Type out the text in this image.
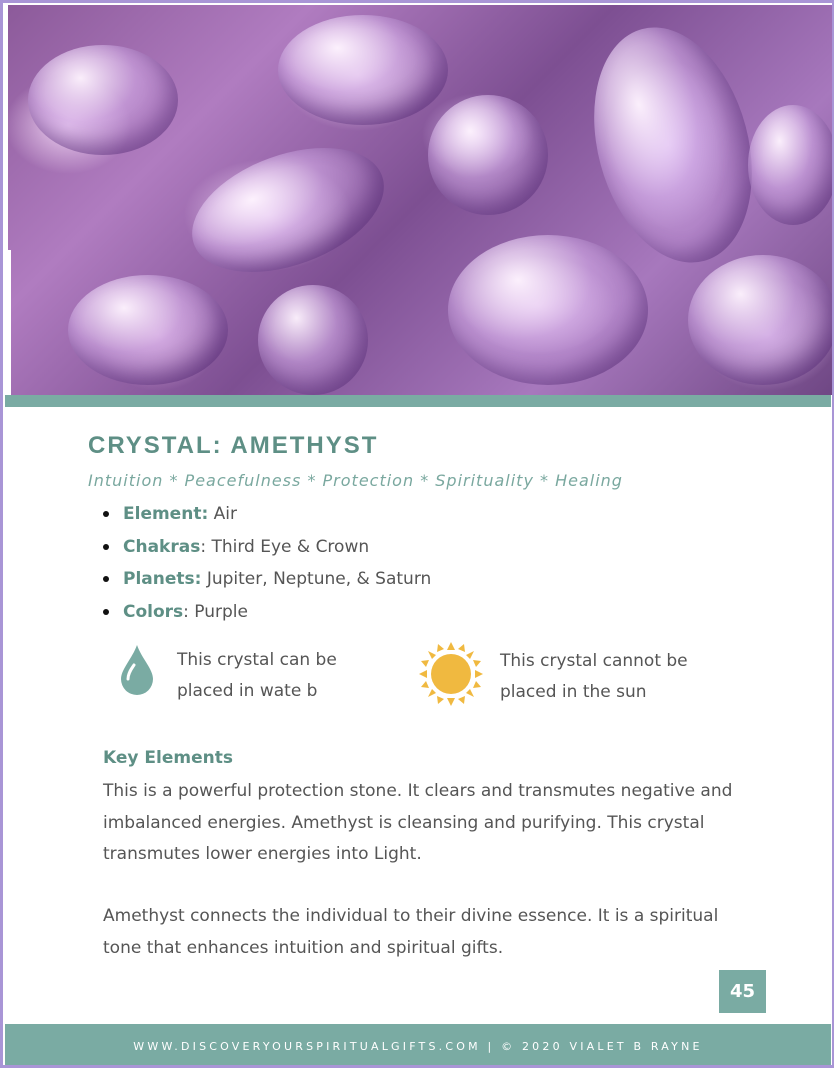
CRYSTAL: AMETHYST
Intuition * Peacefulness * Protection * Spirituality * Healing
Element: Air
Chakras: Third Eye & Crown
Planets: Jupiter, Neptune, & Saturn
Colors: Purple
This crystal can be
placed in wate b
This crystal cannot be
placed in the sun
Key Elements
This is a powerful protection stone. It clears and transmutes negative and imbalanced energies. Amethyst is cleansing and purifying. This crystal transmutes lower energies into Light.
Amethyst connects the individual to their divine essence. It is a spiritual tone that enhances intuition and spiritual gifts.
45
WWW.DISCOVERYOURSPIRITUALGIFTS.COM | © 2020 VIALET B RAYNE
